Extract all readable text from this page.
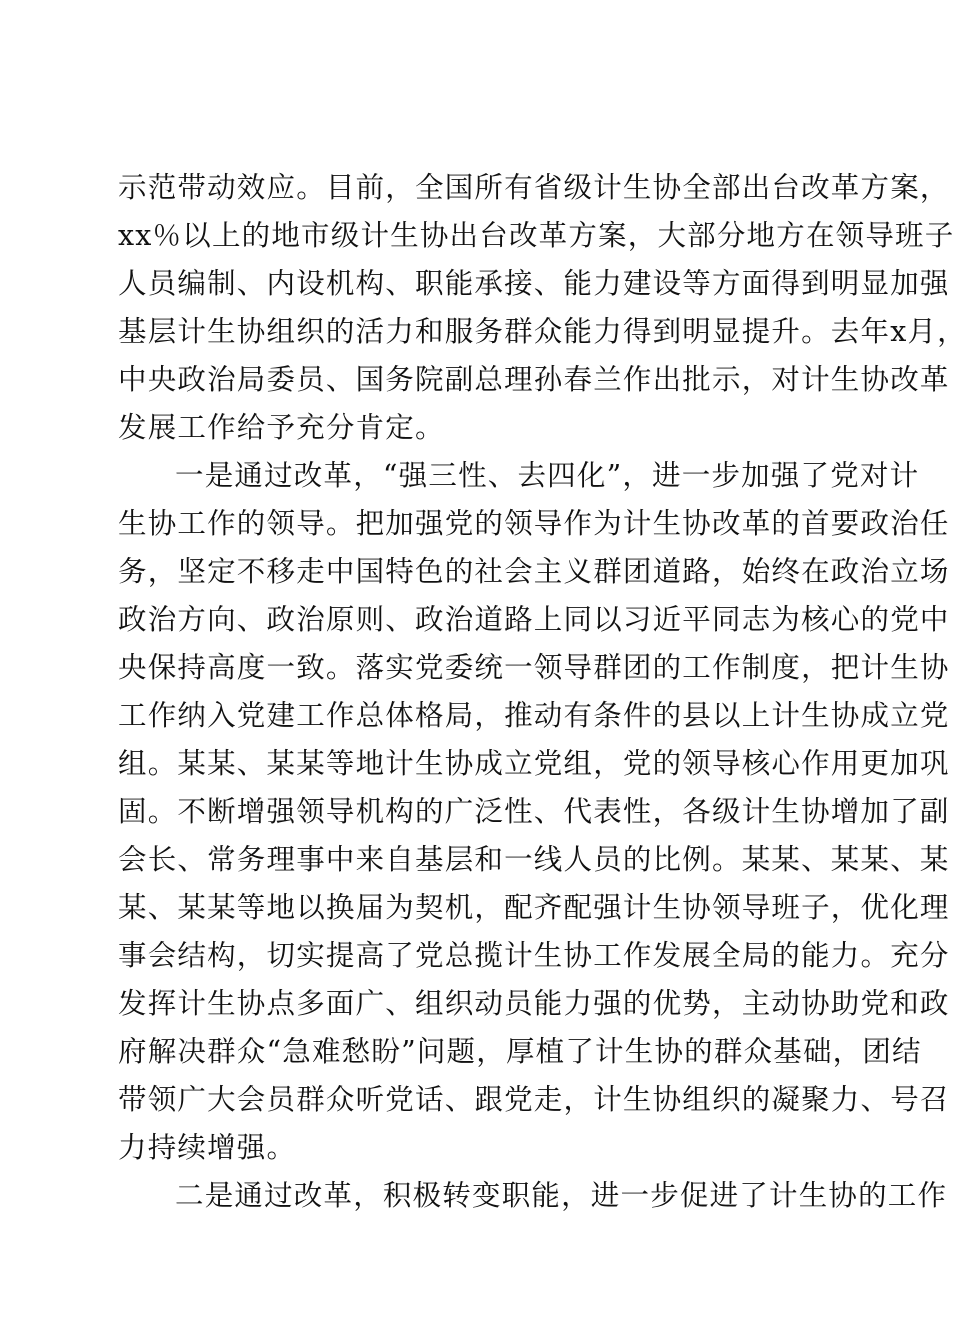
示范带动效应。目前，全国所有省级计生协全部出台改革方案，
xx％以上的地市级计生协出台改革方案，大部分地方在领导班子
人员编制、内设机构、职能承接、能力建设等方面得到明显加强
基层计生协组织的活力和服务群众能力得到明显提升。去年x月，
中央政治局委员、国务院副总理孙春兰作出批示，对计生协改革
发展工作给予充分肯定。
一是通过改革，“强三性、去四化”，进一步加强了党对计
生协工作的领导。把加强党的领导作为计生协改革的首要政治任
务，坚定不移走中国特色的社会主义群团道路，始终在政治立场
政治方向、政治原则、政治道路上同以习近平同志为核心的党中
央保持高度一致。落实党委统一领导群团的工作制度，把计生协
工作纳入党建工作总体格局，推动有条件的县以上计生协成立党
组。某某、某某等地计生协成立党组，党的领导核心作用更加巩
固。不断增强领导机构的广泛性、代表性，各级计生协增加了副
会长、常务理事中来自基层和一线人员的比例。某某、某某、某
某、某某等地以换届为契机，配齐配强计生协领导班子，优化理
事会结构，切实提高了党总揽计生协工作发展全局的能力。充分
发挥计生协点多面广、组织动员能力强的优势，主动协助党和政
府解决群众“急难愁盼”问题，厚植了计生协的群众基础，团结
带领广大会员群众听党话、跟党走，计生协组织的凝聚力、号召
力持续增强。
二是通过改革，积极转变职能，进一步促进了计生协的工作
